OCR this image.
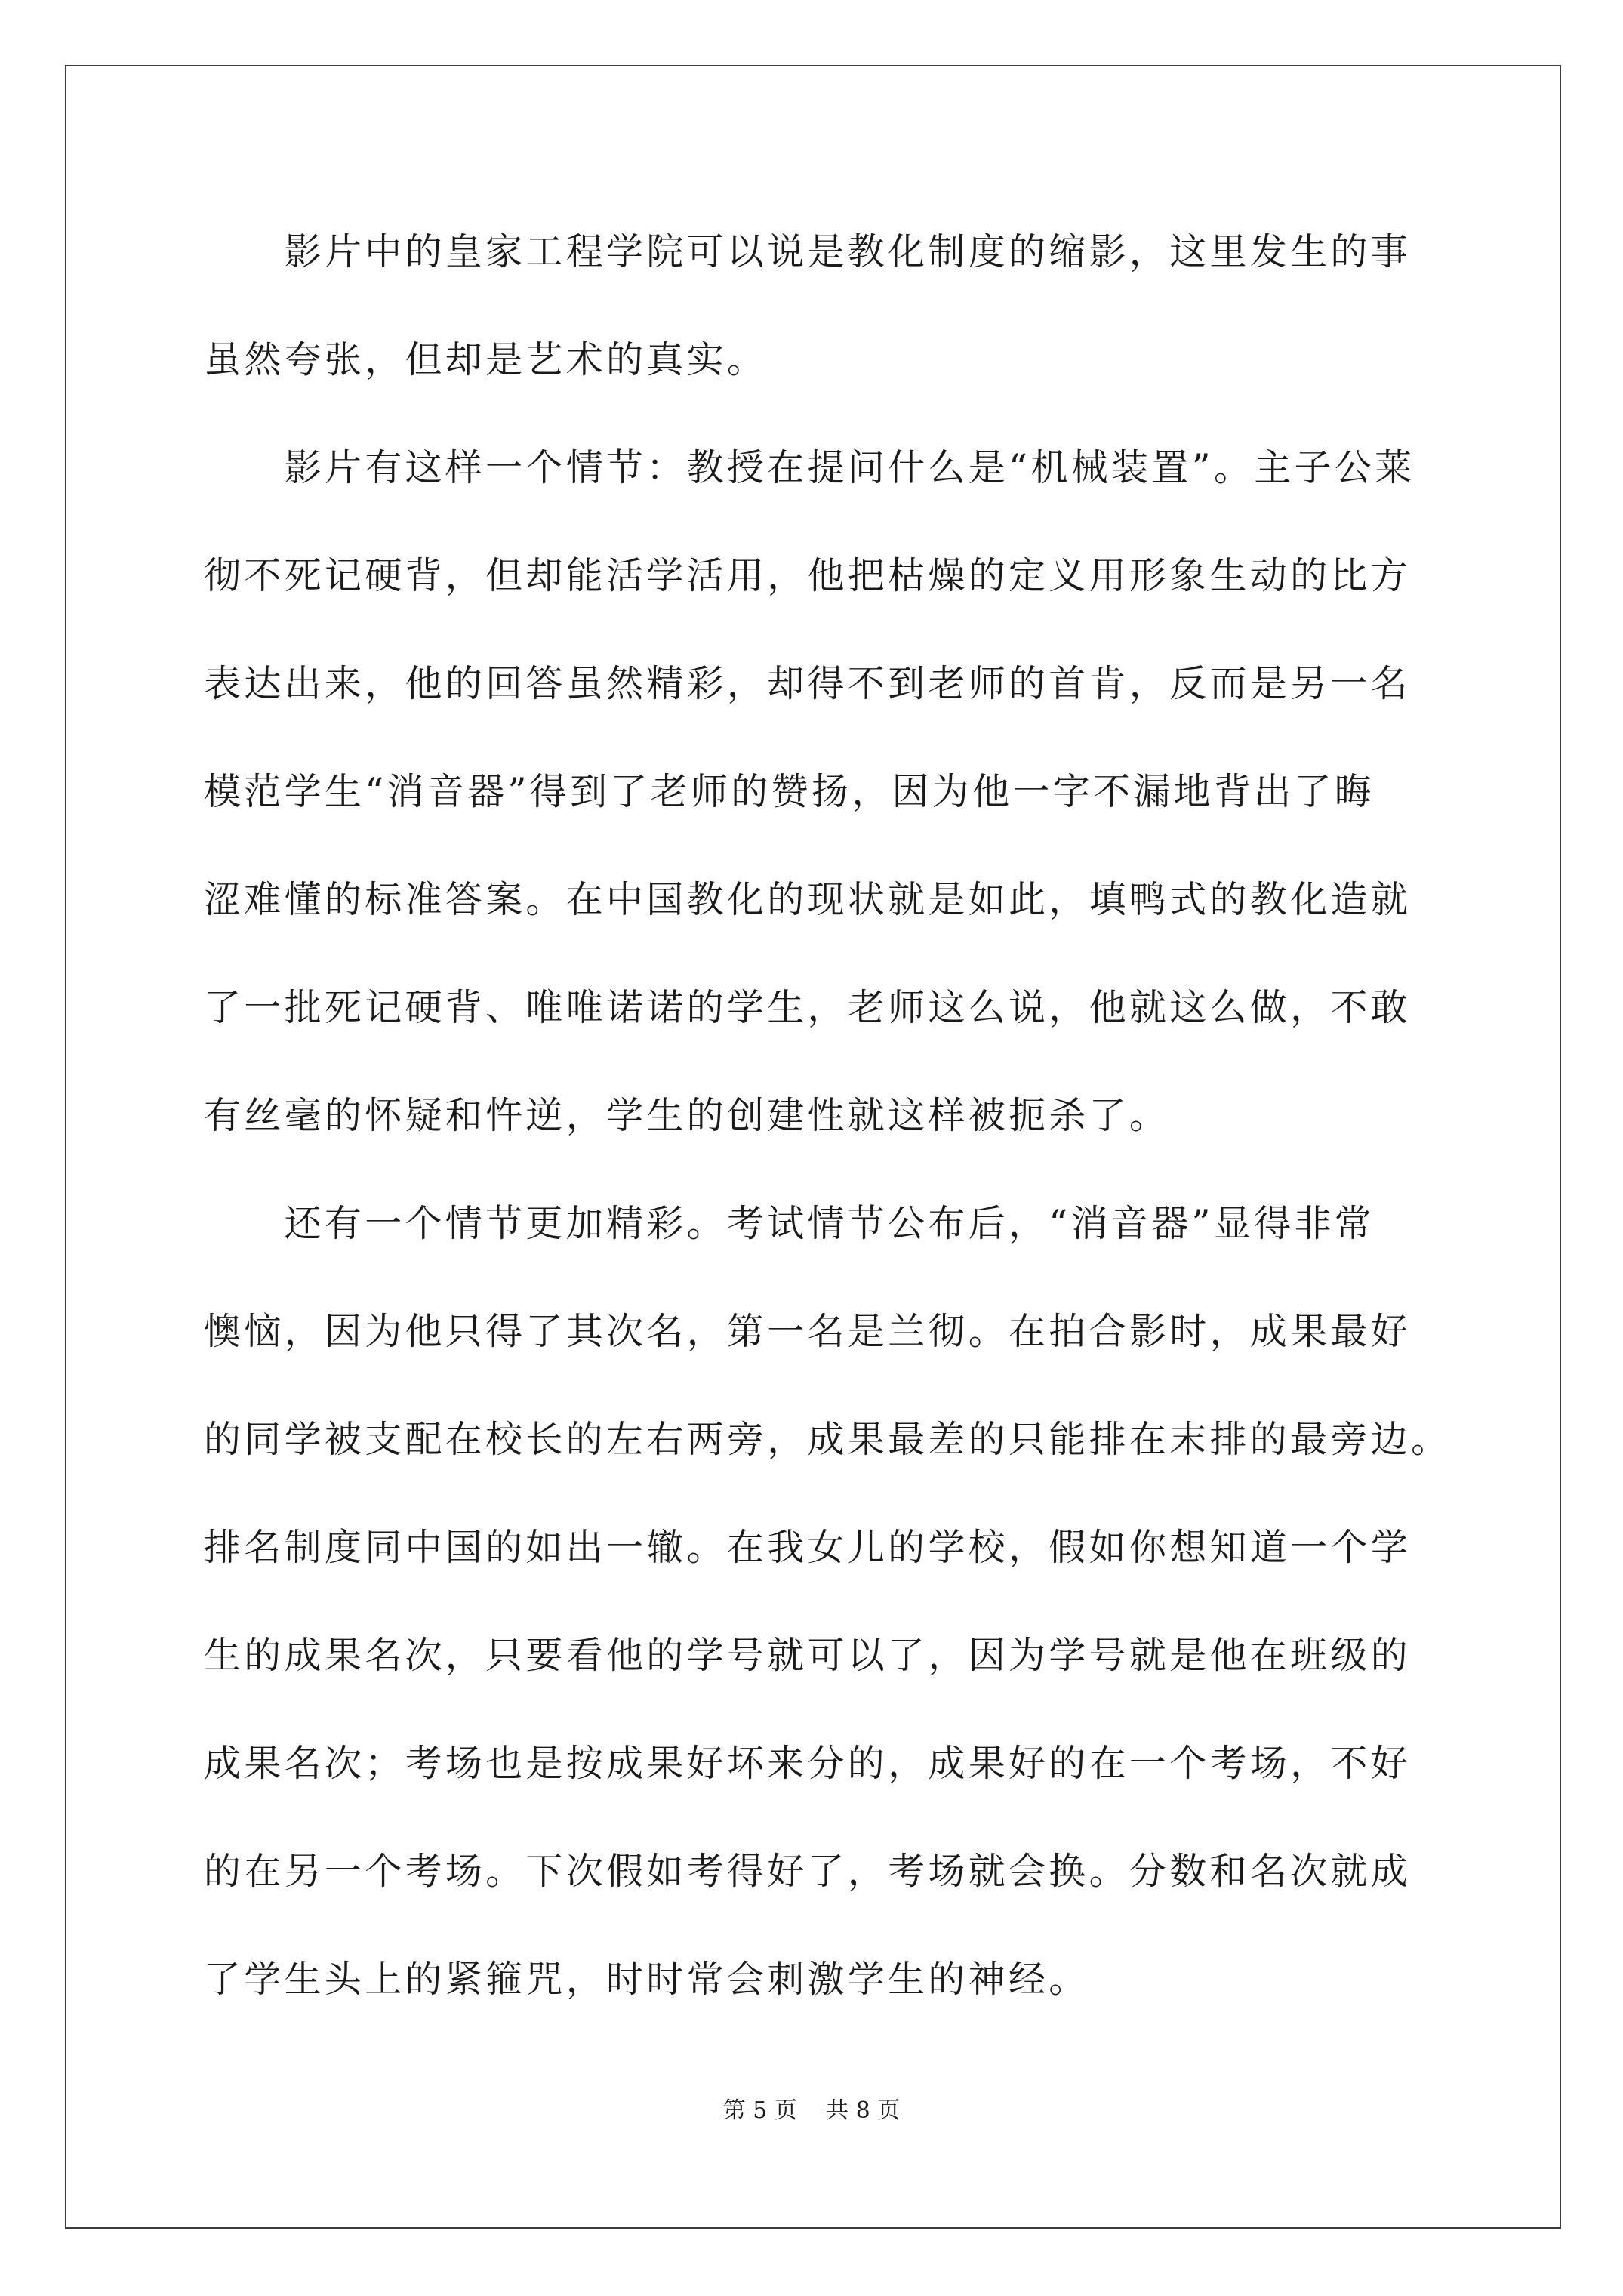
　　影片中的皇家工程学院可以说是教化制度的缩影，这里发生的事
虽然夸张，但却是艺术的真实。
　　影片有这样一个情节：教授在提问什么是“机械装置”。主子公莱
彻不死记硬背，但却能活学活用，他把枯燥的定义用形象生动的比方
表达出来，他的回答虽然精彩，却得不到老师的首肯，反而是另一名
模范学生“消音器”得到了老师的赞扬，因为他一字不漏地背出了晦
涩难懂的标准答案。在中国教化的现状就是如此，填鸭式的教化造就
了一批死记硬背、唯唯诺诺的学生，老师这么说，他就这么做，不敢
有丝毫的怀疑和忤逆，学生的创建性就这样被扼杀了。
　　还有一个情节更加精彩。考试情节公布后，“消音器”显得非常
懊恼，因为他只得了其次名，第一名是兰彻。在拍合影时，成果最好
的同学被支配在校长的左右两旁，成果最差的只能排在末排的最旁边。
排名制度同中国的如出一辙。在我女儿的学校，假如你想知道一个学
生的成果名次，只要看他的学号就可以了，因为学号就是他在班级的
成果名次；考场也是按成果好坏来分的，成果好的在一个考场，不好
的在另一个考场。下次假如考得好了，考场就会换。分数和名次就成
了学生头上的紧箍咒，时时常会刺激学生的神经。
第 5 页 共 8 页
